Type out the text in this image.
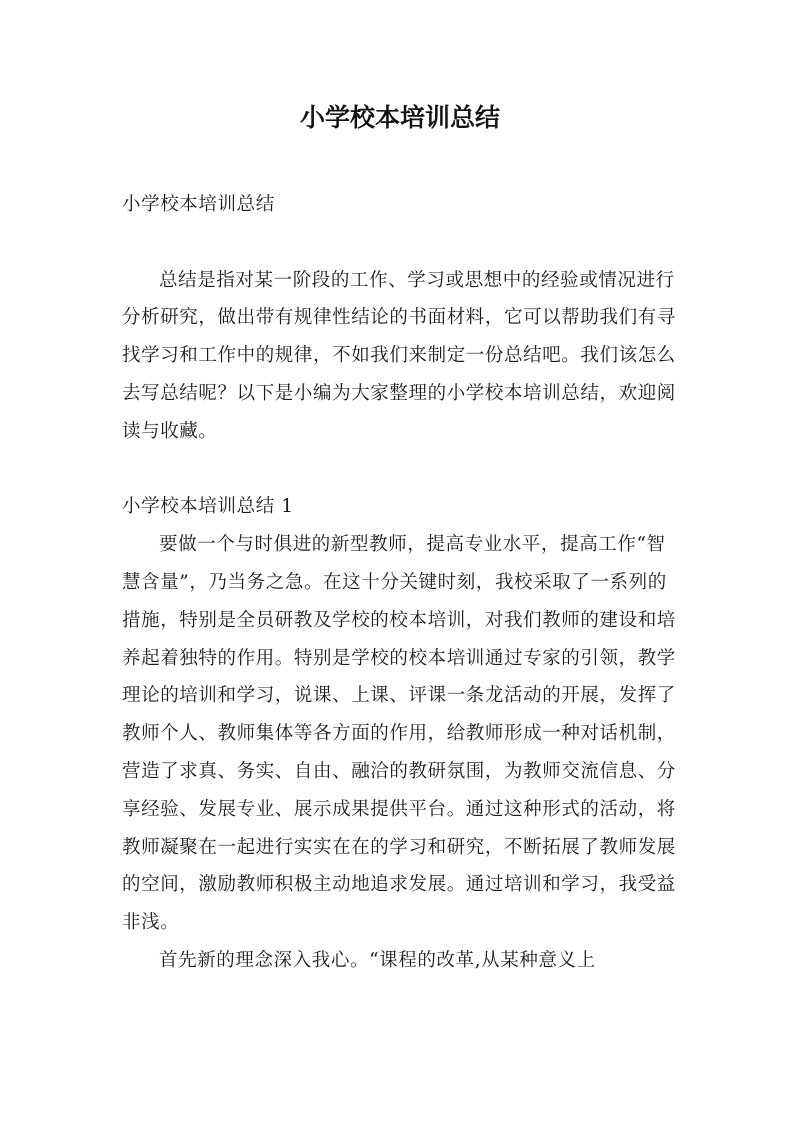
小学校本培训总结

小学校本培训总结

总结是指对某一阶段的工作、学习或思想中的经验或情况进行分析研究，做出带有规律性结论的书面材料，它可以帮助我们有寻找学习和工作中的规律，不如我们来制定一份总结吧。我们该怎么去写总结呢？以下是小编为大家整理的小学校本培训总结，欢迎阅读与收藏。

小学校本培训总结 1

要做一个与时俱进的新型教师，提高专业水平，提高工作“智慧含量”，乃当务之急。在这十分关键时刻，我校采取了一系列的措施，特别是全员研教及学校的校本培训，对我们教师的建设和培养起着独特的作用。特别是学校的校本培训通过专家的引领，教学理论的培训和学习，说课、上课、评课一条龙活动的开展，发挥了教师个人、教师集体等各方面的作用，给教师形成一种对话机制，营造了求真、务实、自由、融洽的教研氛围，为教师交流信息、分享经验、发展专业、展示成果提供平台。通过这种形式的活动，将教师凝聚在一起进行实实在在的学习和研究，不断拓展了教师发展的空间，激励教师积极主动地追求发展。通过培训和学习，我受益非浅。

首先新的理念深入我心。“课程的改革,从某种意义上
